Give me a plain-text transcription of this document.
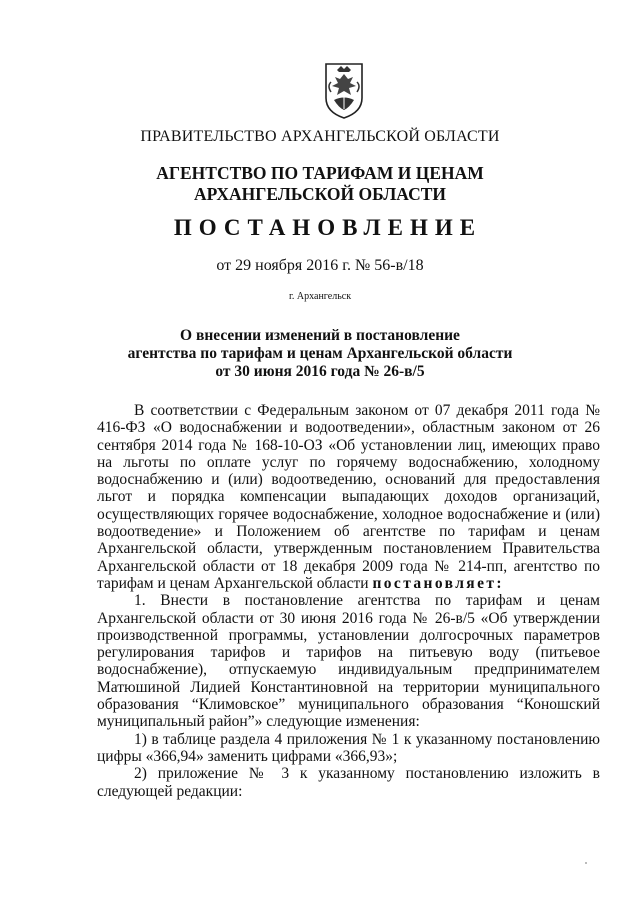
ПРАВИТЕЛЬСТВО АРХАНГЕЛЬСКОЙ ОБЛАСТИ
АГЕНТСТВО ПО ТАРИФАМ И ЦЕНАМ
АРХАНГЕЛЬСКОЙ ОБЛАСТИ
ПОСТАНОВЛЕНИЕ
от 29 ноября 2016 г. № 56-в/18
г. Архангельск
О внесении изменений в постановление
агентства по тарифам и ценам Архангельской области
от 30 июня 2016 года № 26-в/5

В соответствии с Федеральным законом от 07 декабря 2011 года № 416-ФЗ «О водоснабжении и водоотведении», областным законом от 26 сентября 2014 года № 168-10-ОЗ «Об установлении лиц, имеющих право на льготы по оплате услуг по горячему водоснабжению, холодному водоснабжению и (или) водоотведению, оснований для предоставления льгот и порядка компенсации выпадающих доходов организаций, осуществляющих горячее водоснабжение, холодное водоснабжение и (или) водоотведение» и Положением об агентстве по тарифам и ценам Архангельской области, утвержденным постановлением Правительства Архангельской области от 18 декабря 2009 года № 214-пп, агентство по тарифам и ценам Архангельской области постановляет:

1. Внести в постановление агентства по тарифам и ценам Архангельской области от 30 июня 2016 года № 26-в/5 «Об утверждении производственной программы, установлении долгосрочных параметров регулирования тарифов и тарифов на питьевую воду (питьевое водоснабжение), отпускаемую индивидуальным предпринимателем Матюшиной Лидией Константиновной на территории муниципального образования “Климовское” муниципального образования “Коношский муниципальный район”» следующие изменения:

1) в таблице раздела 4 приложения № 1 к указанному постановлению цифры «366,94» заменить цифрами «366,93»;

2) приложение № 3 к указанному постановлению изложить в следующей редакции:
